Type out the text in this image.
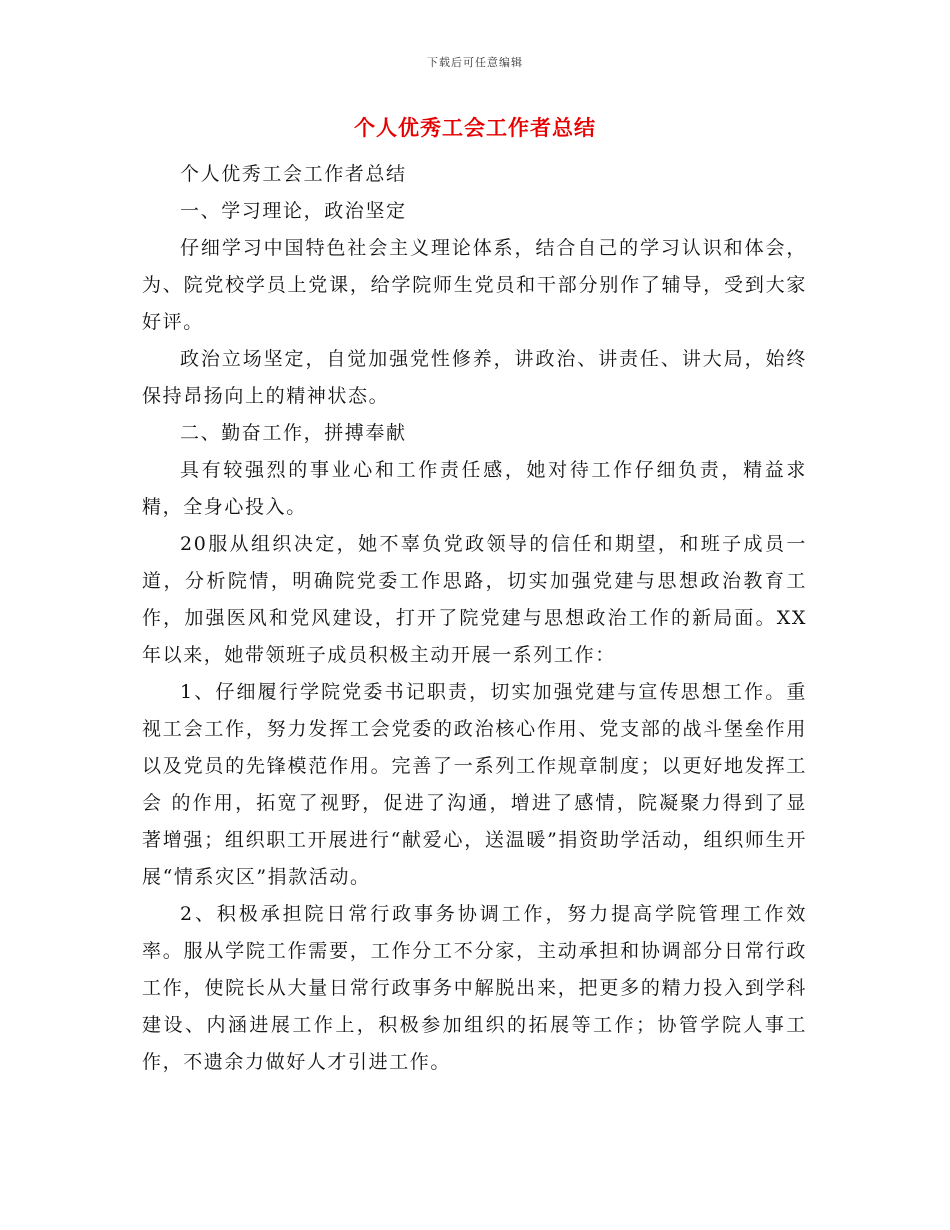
下载后可任意编辑
个人优秀工会工作者总结

个人优秀工会工作者总结

一、学习理论，政治坚定

仔细学习中国特色社会主义理论体系，结合自己的学习认识和体会，为、院党校学员上党课，给学院师生党员和干部分别作了辅导，受到大家好评。

政治立场坚定，自觉加强党性修养，讲政治、讲责任、讲大局，始终保持昂扬向上的精神状态。

二、勤奋工作，拼搏奉献

具有较强烈的事业心和工作责任感，她对待工作仔细负责，精益求精，全身心投入。

20服从组织决定，她不辜负党政领导的信任和期望，和班子成员一道，分析院情，明确院党委工作思路，切实加强党建与思想政治教育工作，加强医风和党风建设，打开了院党建与思想政治工作的新局面。XX年以来，她带领班子成员积极主动开展一系列工作：

1、仔细履行学院党委书记职责，切实加强党建与宣传思想工作。重视工会工作，努力发挥工会党委的政治核心作用、党支部的战斗堡垒作用以及党员的先锋模范作用。完善了一系列工作规章制度；以更好地发挥工会 的作用，拓宽了视野，促进了沟通，增进了感情，院凝聚力得到了显著增强；组织职工开展进行“献爱心，送温暖”捐资助学活动，组织师生开展“情系灾区”捐款活动。

2、积极承担院日常行政事务协调工作，努力提高学院管理工作效率。服从学院工作需要，工作分工不分家，主动承担和协调部分日常行政工作，使院长从大量日常行政事务中解脱出来，把更多的精力投入到学科建设、内涵进展工作上，积极参加组织的拓展等工作；协管学院人事工作，不遗余力做好人才引进工作。
